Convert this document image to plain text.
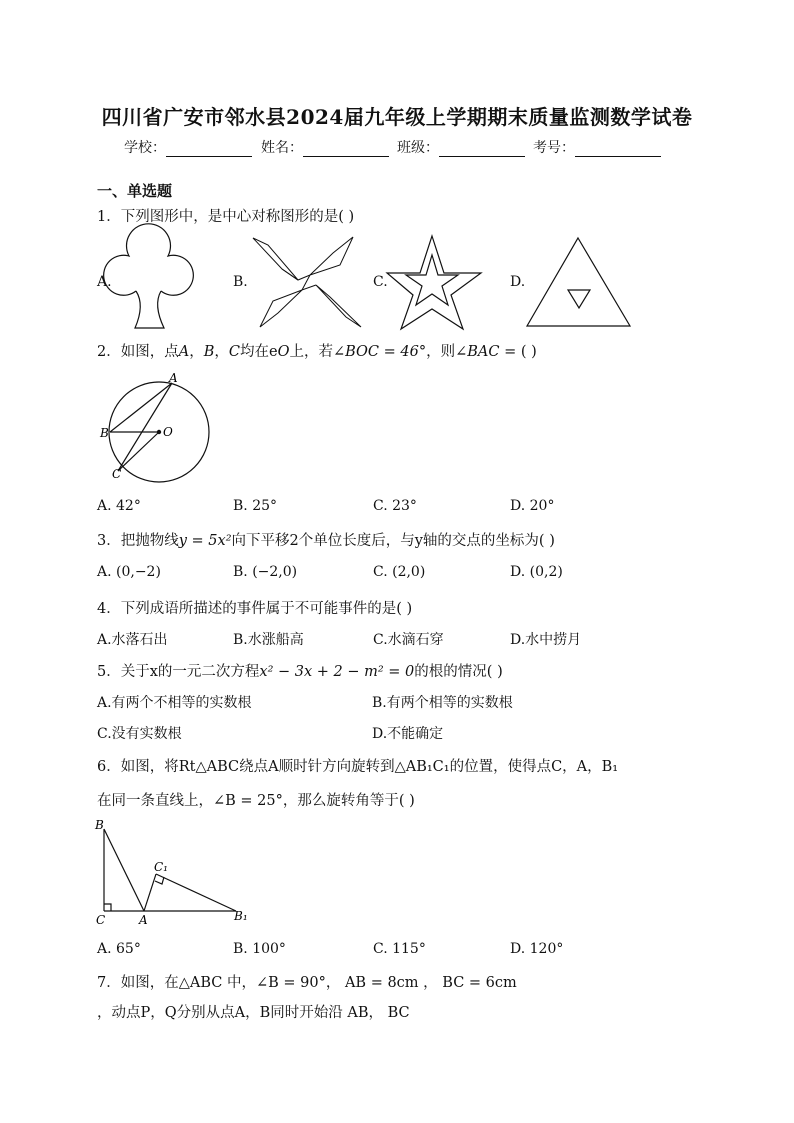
四川省广安市邻水县2024届九年级上学期期末质量监测数学试卷
学校：	姓名：	班级：	考号：
一、单选题
1．下列图形中，是中心对称图形的是( )
A.	B.	C.	D.
2．如图，点A，B，C均在eO上，若∠BOC = 46°，则∠BAC = ( )
A
B	O
C
A. 42°	B. 25°	C. 23°	D. 20°
3．把抛物线y = 5x²向下平移2个单位长度后，与y轴的交点的坐标为( )
A. (0,−2)	B. (−2,0)	C. (2,0)	D. (0,2)
4．下列成语所描述的事件属于不可能事件的是( )
A.水落石出	B.水涨船高	C.水滴石穿	D.水中捞月
5．关于x的一元二次方程x² − 3x + 2 − m² = 0的根的情况( )
A.有两个不相等的实数根	B.有两个相等的实数根
C.没有实数根	D.不能确定
6．如图，将Rt△ABC绕点A顺时针方向旋转到△AB₁C₁的位置，使得点C，A，B₁
在同一条直线上，∠B = 25°，那么旋转角等于( )
B
C₁
C	A	B₁
A. 65°	B. 100°	C. 115°	D. 120°
7．如图，在△ABC 中，∠B = 90°， AB = 8cm ， BC = 6cm
，动点P，Q分别从点A，B同时开始沿 AB， BC
